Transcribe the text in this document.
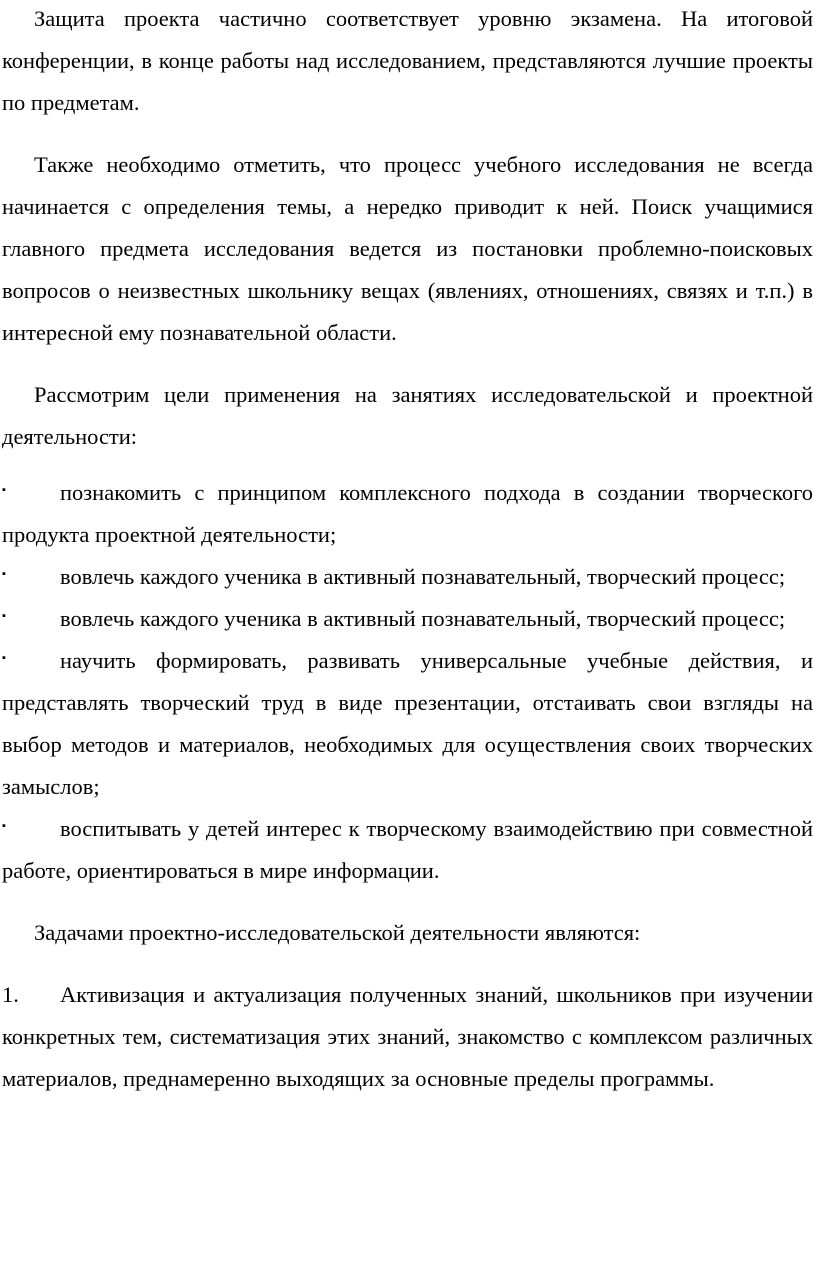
Защита проекта частично соответствует уровню экзамена. На итоговой конференции, в конце работы над исследованием, представляются лучшие проекты по предметам.

Также необходимо отметить, что процесс учебного исследования не всегда начинается с определения темы, а нередко приводит к ней. Поиск учащимися главного предмета исследования ведется из постановки проблемно-поисковых вопросов о неизвестных школьнику вещах (явлениях, отношениях, связях и т.п.) в интересной ему познавательной области.

Рассмотрим цели применения на занятиях исследовательской и проектной деятельности:

▪ познакомить с принципом комплексного подхода в создании творческого продукта проектной деятельности;

▪ вовлечь каждого ученика в активный познавательный, творческий процесс;

▪ вовлечь каждого ученика в активный познавательный, творческий процесс;

▪ научить формировать, развивать универсальные учебные действия, и представлять творческий труд в виде презентации, отстаивать свои взгляды на выбор методов и материалов, необходимых для осуществления своих творческих замыслов;

▪ воспитывать у детей интерес к творческому взаимодействию при совместной работе, ориентироваться в мире информации.

Задачами проектно-исследовательской деятельности являются:

1. Активизация и актуализация полученных знаний, школьников при изучении конкретных тем, систематизация этих знаний, знакомство с комплексом различных материалов, преднамеренно выходящих за основные пределы программы.
